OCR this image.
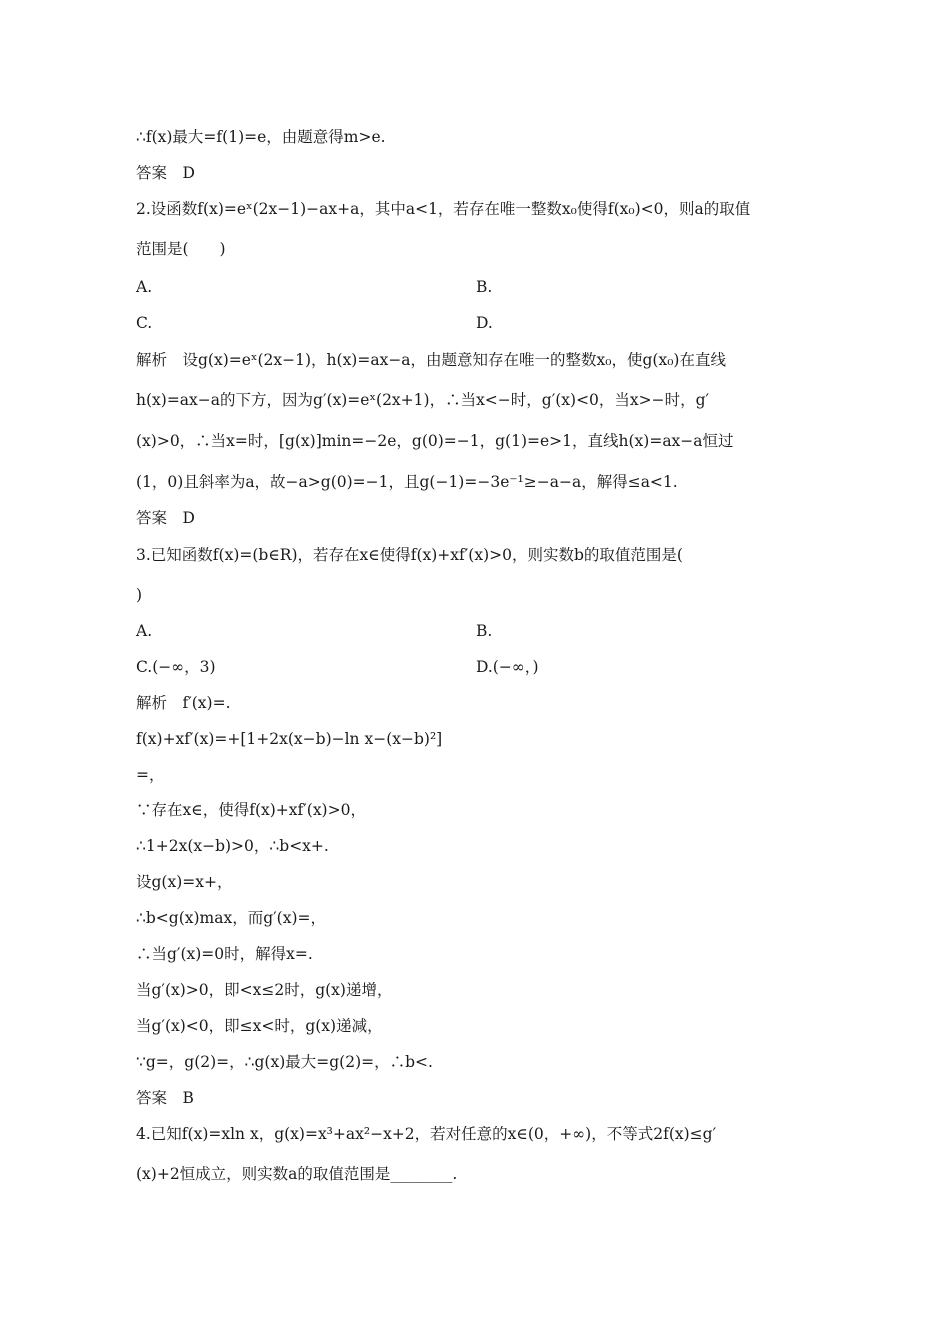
∴f(x)最大=f(1)=e，由题意得m>e.
答案　D
2.设函数f(x)=eˣ(2x−1)−ax+a，其中a<1，若存在唯一整数x₀使得f(x₀)<0，则a的取值
范围是(　　)
A.	B.
C.	D.
解析　设g(x)=eˣ(2x−1)，h(x)=ax−a，由题意知存在唯一的整数x₀，使g(x₀)在直线
h(x)=ax−a的下方，因为g′(x)=eˣ(2x+1)，∴当x<−时，g′(x)<0，当x>−时，g′
(x)>0，∴当x=时，[g(x)]min=−2e，g(0)=−1，g(1)=e>1，直线h(x)=ax−a恒过
(1，0)且斜率为a，故−a>g(0)=−1，且g(−1)=−3e⁻¹≥−a−a，解得≤a<1.
答案　D
3.已知函数f(x)=(b∈R)，若存在x∈使得f(x)+xf′(x)>0，则实数b的取值范围是(
)
A.	B.
C.(−∞，3)	D.(−∞，)
解析　f′(x)=.
f(x)+xf′(x)=+[1+2x(x−b)−ln x−(x−b)²]
=，
∵存在x∈，使得f(x)+xf′(x)>0，
∴1+2x(x−b)>0，∴b<x+.
设g(x)=x+，
∴b<g(x)max，而g′(x)=，
∴当g′(x)=0时，解得x=.
当g′(x)>0，即<x≤2时，g(x)递增，
当g′(x)<0，即≤x<时，g(x)递减，
∵g=，g(2)=，∴g(x)最大=g(2)=，∴b<.
答案　B
4.已知f(x)=xln x，g(x)=x³+ax²−x+2，若对任意的x∈(0，+∞)，不等式2f(x)≤g′
(x)+2恒成立，则实数a的取值范围是________.
